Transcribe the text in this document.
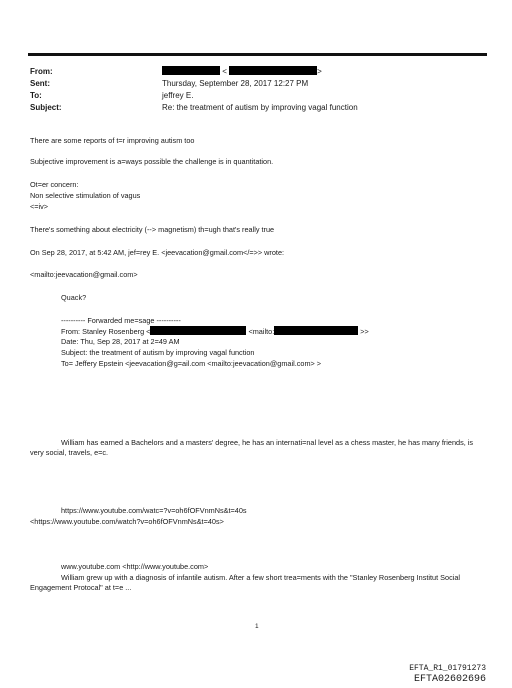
From:	<	>
Sent:	Thursday, September 28, 2017 12:27 PM
To:	jeffrey E.
Subject:	Re: the treatment of autism by improving vagal function
There are some reports of t=r improving autism too
Subjective improvement is a=ways possible the challenge is in quantitation.
Ot=er concern:
Non selective stimulation of vagus
<=iv>
There's something about electricity (--> magnetism) th=ugh that's really true
On Sep 28, 2017, at 5:42 AM, jef=rey E. <jeevacation@gmail.com</=>> wrote:
<mailto:jeevacation@gmail.com>
Quack?
---------- Forwarded me=sage ----------
From: Stanley Rosenberg <	<mailto:	>>
Date: Thu, Sep 28, 2017 at 2=49 AM
Subject: the treatment of autism by improving vagal function
To= Jeffery Epstein <jeevacation@g=ail.com <mailto:jeevacation@gmail.com> >
William has earned a Bachelors and a masters' degree, he has an internati=nal level as a chess master, he has many friends, is very social, travels, e=c.
https://www.youtube.com/watc=?v=oh6fOFVnmNs&t=40s
<https://www.youtube.com/watch?v=oh6fOFVnmNs&t=40s>
www.youtube.com <http://www.youtube.com>
William grew up with a diagnosis of infantile autism. After a few short trea=ments with the "Stanley Rosenberg Institut Social Engagement Protocal" at t=e ...
1
EFTA_R1_01791273
EFTA02602696
